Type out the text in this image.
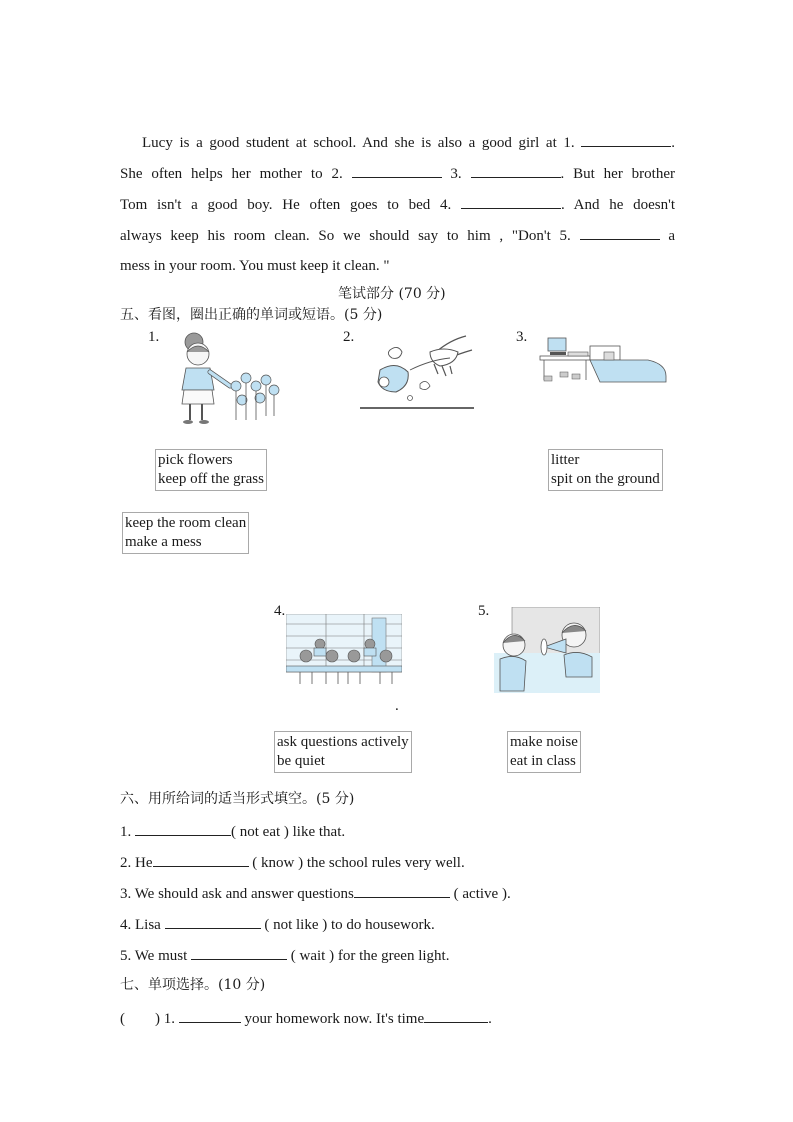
Lucy is a good student at school. And she is also a good girl at 1.	.
She often helps her mother to 2.	3.	. But her brother
Tom isn't a good boy. He often goes to bed 4.	. And he doesn't
always keep his room clean. So we should say to him , "Don't 5.	a
mess in your room. You must keep it clean. "
笔试部分 (70 分)
五、看图，圈出正确的单词或短语。(5 分)
1.	2.	3.
pick flowers
keep off the grass
litter
spit on the ground
keep the room clean
make a mess
4.	5.
.
ask questions actively
be quiet
make noise
eat in class
六、用所给词的适当形式填空。(5 分)
1.	( not eat ) like that.
2. He	( know ) the school rules very well.
3. We should ask and answer questions	( active ).
4. Lisa	( not like ) to do housework.
5. We must	( wait ) for the green light.
七、单项选择。(10 分)
(        ) 1.	your homework now. It's time	.
